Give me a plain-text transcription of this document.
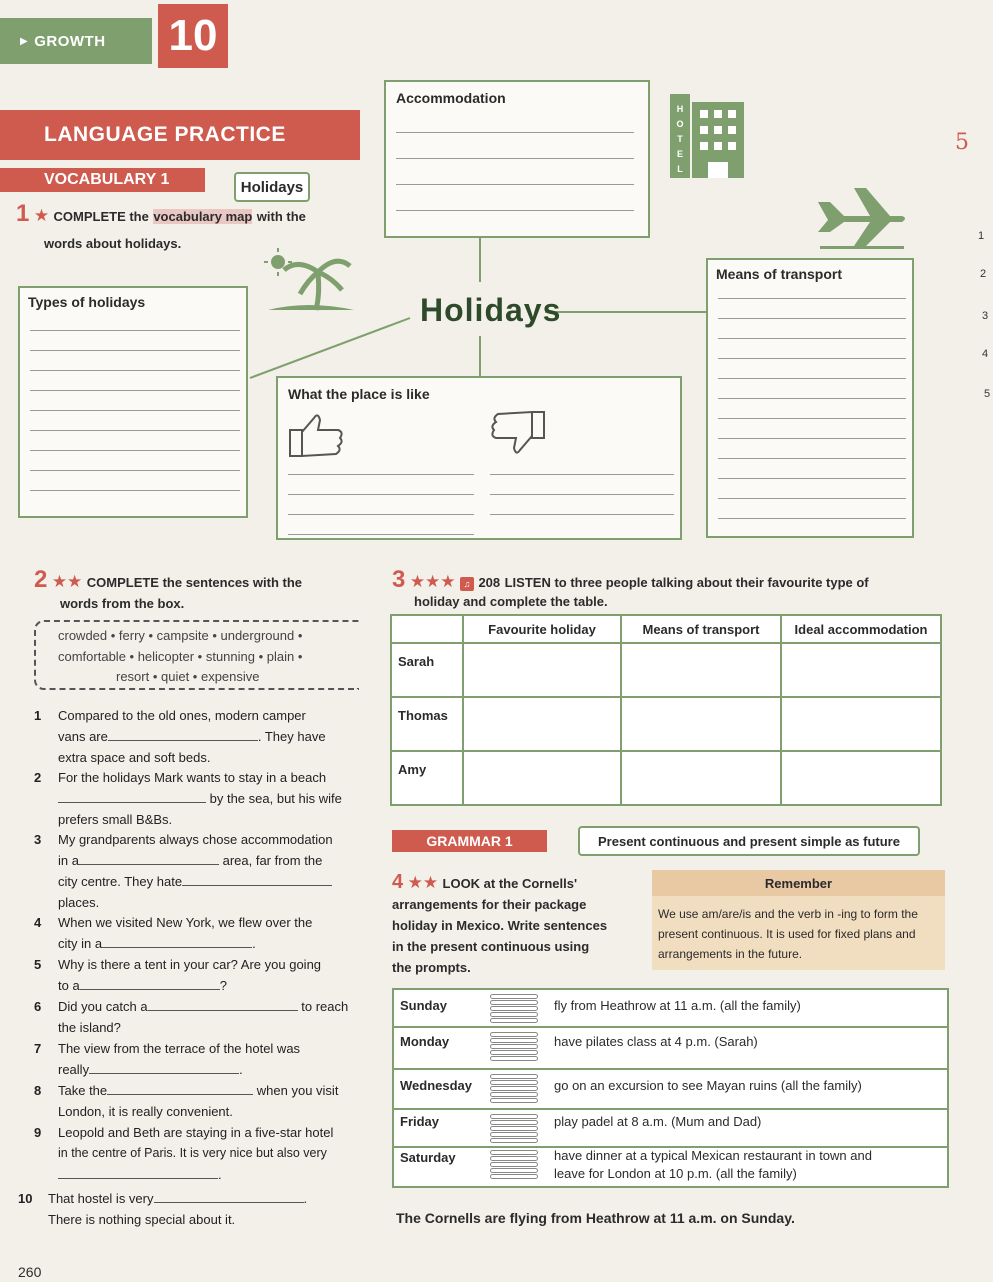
▶ GROWTH 10
LANGUAGE PRACTICE
VOCABULARY 1	Holidays
1 ★ COMPLETE the vocabulary map with the
words about holidays.
Accommodation
H
O
T
E
L
Types of holidays	Holidays
Means of transport
What the place is like
5
1
2
3
4
5
2 ★★ COMPLETE the sentences with the
words from the box.
crowded • ferry • campsite • underground •
comfortable • helicopter • stunning • plain •
resort • quiet • expensive
1 Compared to the old ones, modern camper
vans are	. They have
extra space and soft beds.
2 For the holidays Mark wants to stay in a beach
by the sea, but his wife
prefers small B&Bs.
3 My grandparents always chose accommodation
in a	area, far from the
city centre. They hate
places.
4 When we visited New York, we flew over the
city in a	.
5 Why is there a tent in your car? Are you going
to a	?
6 Did you catch a	to reach
the island?
7 The view from the terrace of the hotel was
really	.
8 Take the	when you visit
London, it is really convenient.
9 Leopold and Beth are staying in a five-star hotel
in the centre of Paris. It is very nice but also very
.
10 That hostel is very	.
There is nothing special about it.
3 ★★★ ♫ 208 LISTEN to three people talking about their favourite type of
holiday and complete the table.
	Favourite holiday	Means of transport	Ideal accommodation
Sarah			
Thomas			
Amy			
GRAMMAR 1	Present continuous and present simple as future
4 ★★ LOOK at the Cornells'
arrangements for their package
holiday in Mexico. Write sentences
in the present continuous using
the prompts.
Remember
We use am/are/is and the verb in -ing to form the present continuous. It is used for fixed plans and arrangements in the future.
Sunday	fly from Heathrow at 11 a.m. (all the family)
Monday	have pilates class at 4 p.m. (Sarah)
Wednesday	go on an excursion to see Mayan ruins (all the family)
Friday	play padel at 8 a.m. (Mum and Dad)
Saturday	have dinner at a typical Mexican restaurant in town and
leave for London at 10 p.m. (all the family)
The Cornells are flying from Heathrow at 11 a.m. on Sunday.
260
